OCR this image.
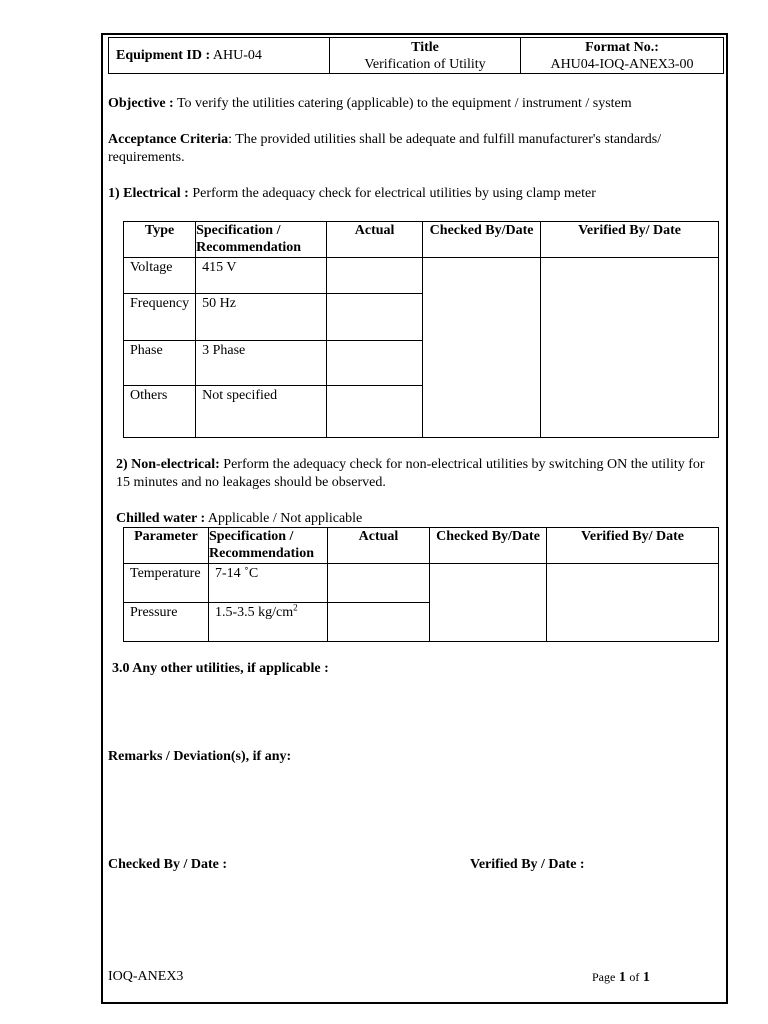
Equipment ID : AHU-04	
Title
Verification of Utility

Format No.:
AHU04-IOQ-ANEX3-00
Objective : To verify the utilities catering (applicable) to the equipment / instrument / system
Acceptance Criteria: The provided utilities shall be adequate and fulfill manufacturer's standards/ requirements.
1) Electrical : Perform the adequacy check for electrical utilities by using clamp meter
Type	Specification / Recommendation	Actual	Checked By/Date	Verified By/ Date
Voltage	415 V			
Frequency	50 Hz			
Phase	3 Phase			
Others	Not specified			
2) Non-electrical: Perform the adequacy check for non-electrical utilities by switching ON the utility for 15 minutes and no leakages should be observed.
Chilled water : Applicable / Not applicable
Parameter	Specification / Recommendation	Actual	Checked By/Date	Verified By/ Date
Temperature	7-14 ˚C			
Pressure	1.5-3.5 $kg/cm^2$	
3.0 Any other utilities, if applicable :
Remarks / Deviation(s), if any:
Checked By / Date :	Verified By / Date :
IOQ-ANEX3	Page 1 of 1
